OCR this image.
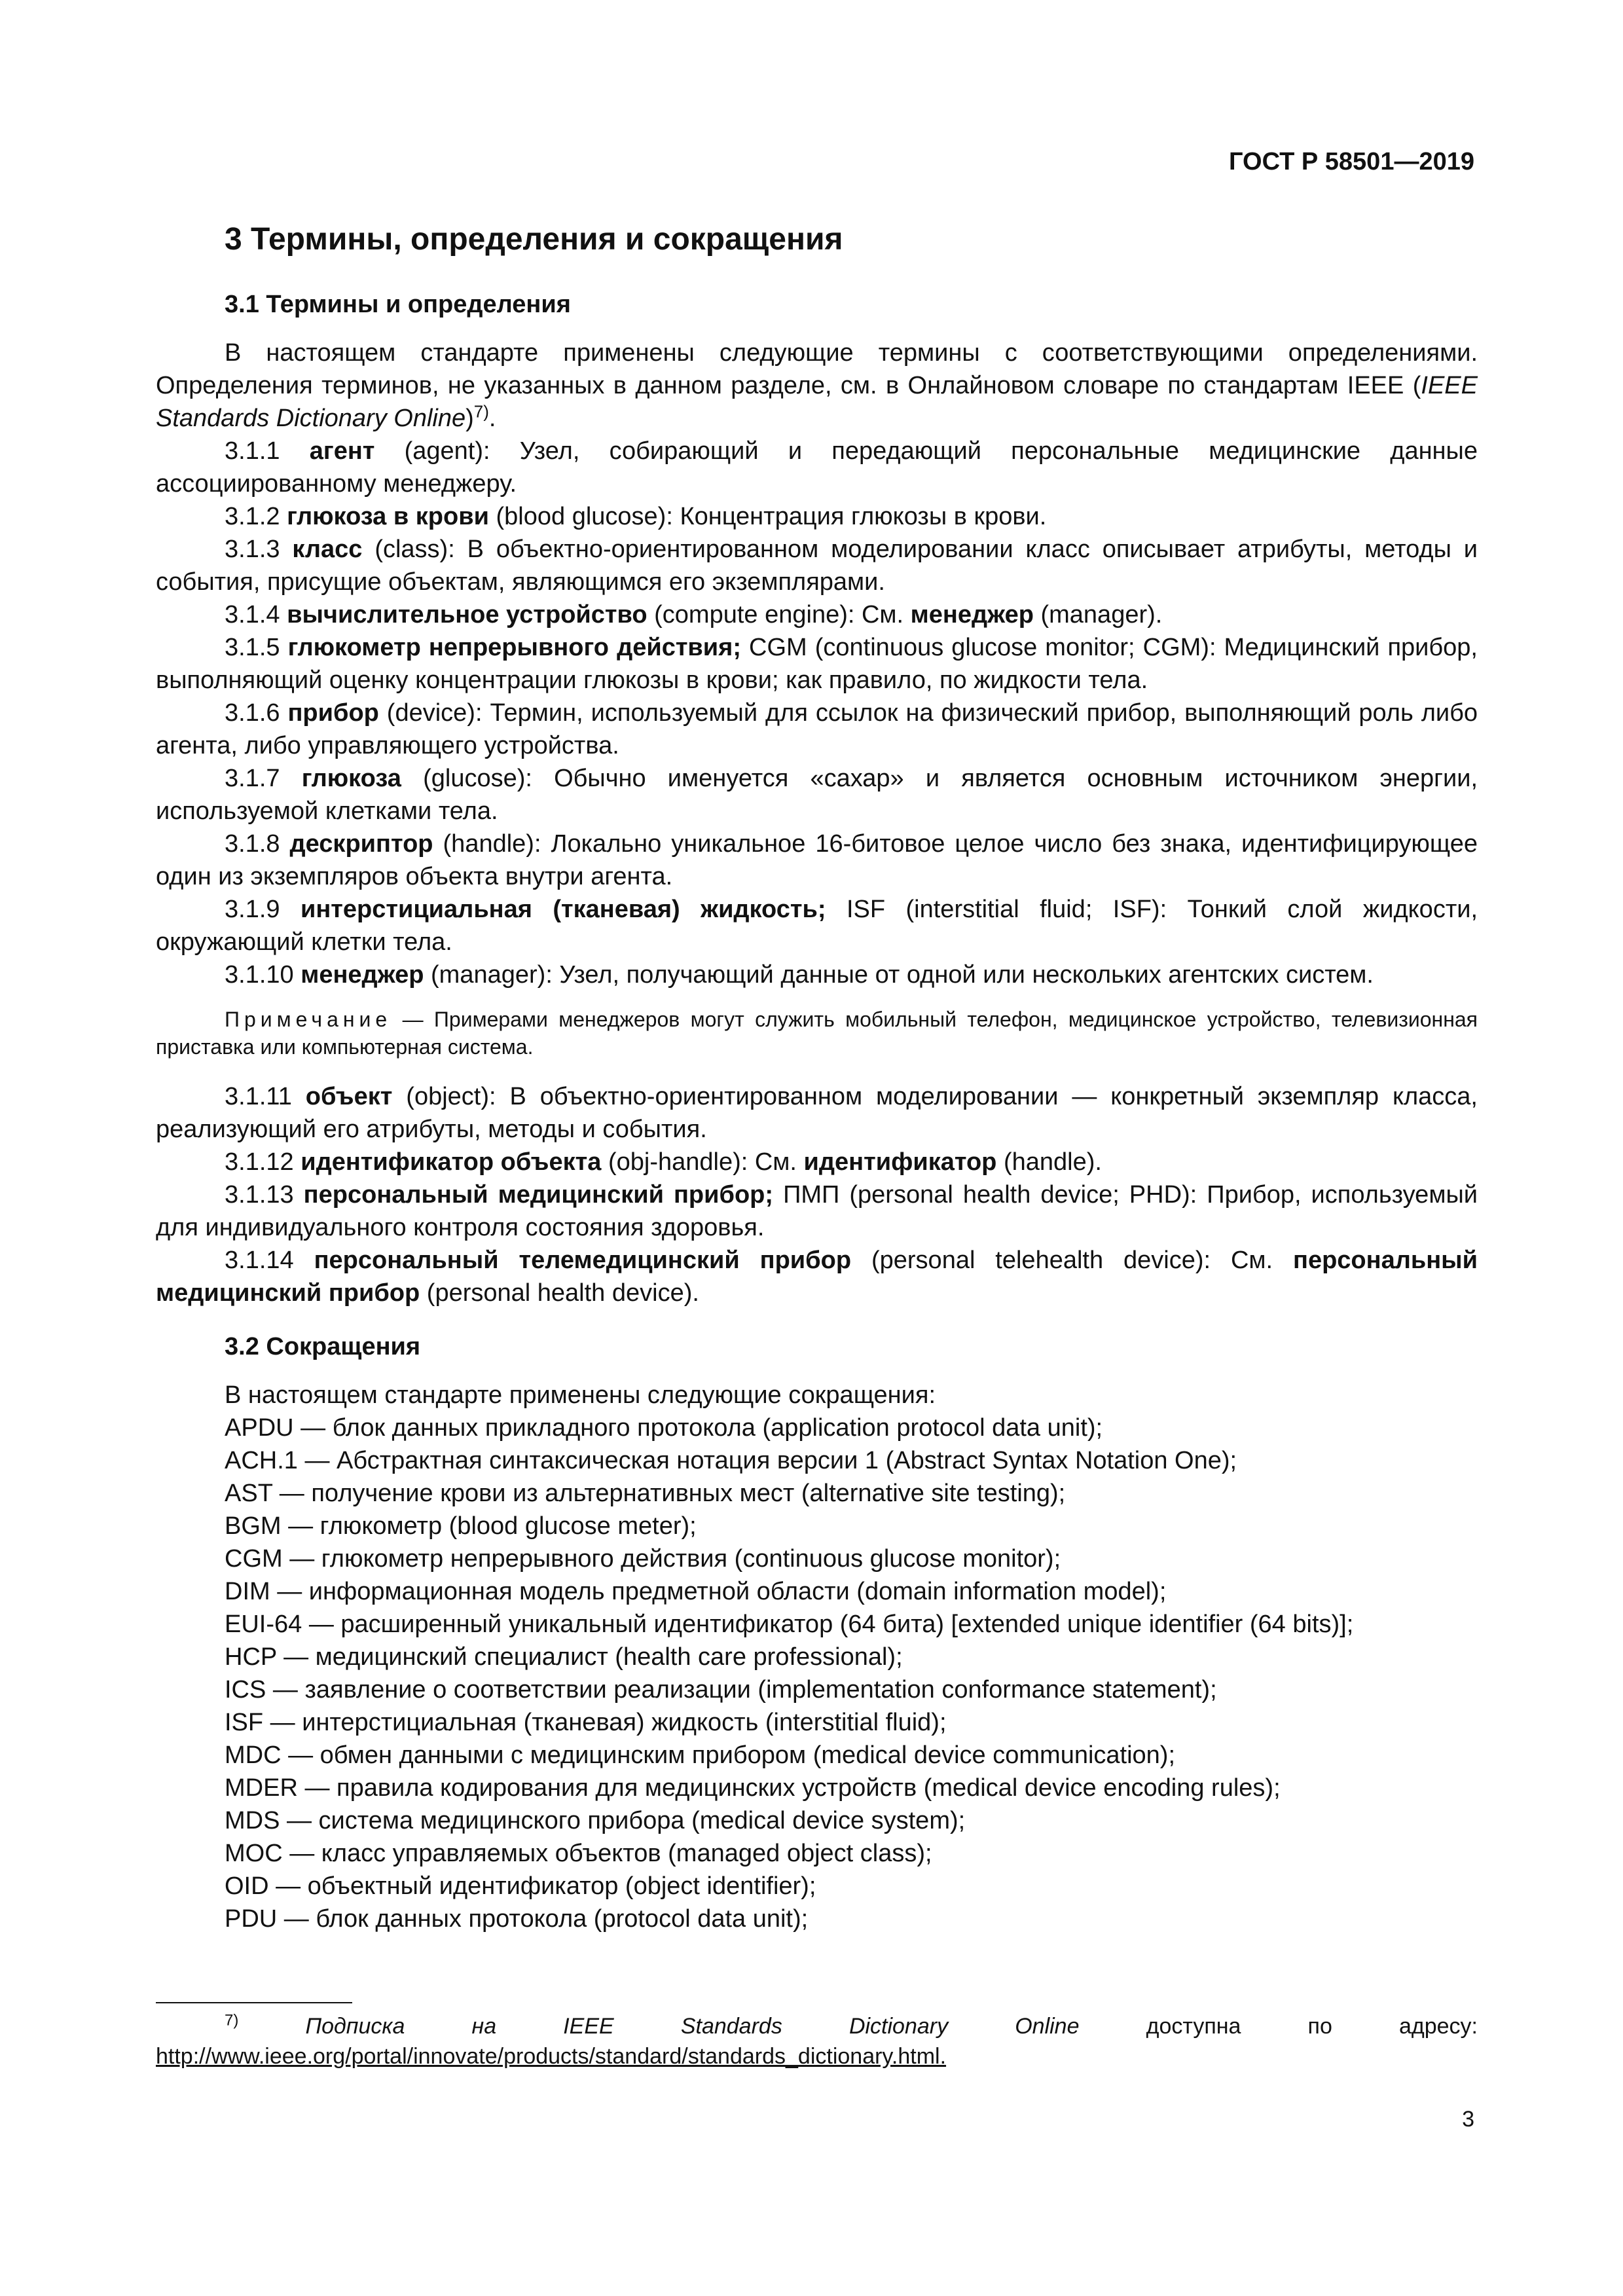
ГОСТ Р 58501—2019
3 Термины, определения и сокращения
3.1 Термины и определения

В настоящем стандарте применены следующие термины с соответствующими определениями. Определения терминов, не указанных в данном разделе, см. в Онлайновом словаре по стандартам IEEE (IEEE Standards Dictionary Online)$^{7)}$.

3.1.1 агент (agent): Узел, собирающий и передающий персональные медицинские данные ассоциированному менеджеру.

3.1.2 глюкоза в крови (blood glucose): Концентрация глюкозы в крови.

3.1.3 класс (class): В объектно-ориентированном моделировании класс описывает атрибуты, методы и события, присущие объектам, являющимся его экземплярами.

3.1.4 вычислительное устройство (compute engine): См. менеджер (manager).

3.1.5 глюкометр непрерывного действия; CGM (continuous glucose monitor; CGM): Медицинский прибор, выполняющий оценку концентрации глюкозы в крови; как правило, по жидкости тела.

3.1.6 прибор (device): Термин, используемый для ссылок на физический прибор, выполняющий роль либо агента, либо управляющего устройства.

3.1.7 глюкоза (glucose): Обычно именуется «сахар» и является основным источником энергии, используемой клетками тела.

3.1.8 дескриптор (handle): Локально уникальное 16-битовое целое число без знака, идентифицирующее один из экземпляров объекта внутри агента.

3.1.9 интерстициальная (тканевая) жидкость; ISF (interstitial fluid; ISF): Тонкий слой жидкости, окружающий клетки тела.

3.1.10 менеджер (manager): Узел, получающий данные от одной или нескольких агентских систем.

Примечание — Примерами менеджеров могут служить мобильный телефон, медицинское устройство, телевизионная приставка или компьютерная система.

3.1.11 объект (object): В объектно-ориентированном моделировании — конкретный экземпляр класса, реализующий его атрибуты, методы и события.

3.1.12 идентификатор объекта (obj-handle): См. идентификатор (handle).

3.1.13 персональный медицинский прибор; ПМП (personal health device; PHD): Прибор, используемый для индивидуального контроля состояния здоровья.

3.1.14 персональный телемедицинский прибор (personal telehealth device): См. персональный медицинский прибор (personal health device).

3.2 Сокращения
В настоящем стандарте применены следующие сокращения:
APDU — блок данных прикладного протокола (application protocol data unit);
ACH.1 — Абстрактная синтаксическая нотация версии 1 (Abstract Syntax Notation One);
AST — получение крови из альтернативных мест (alternative site testing);
BGM — глюкометр (blood glucose meter);
CGM — глюкометр непрерывного действия (continuous glucose monitor);
DIM — информационная модель предметной области (domain information model);
EUI-64 — расширенный уникальный идентификатор (64 бита) [extended unique identifier (64 bits)];
HCP — медицинский специалист (health care professional);
ICS — заявление о соответствии реализации (implementation conformance statement);
ISF — интерстициальная (тканевая) жидкость (interstitial fluid);
MDC — обмен данными с медицинским прибором (medical device communication);
MDER — правила кодирования для медицинских устройств (medical device encoding rules);
MDS — система медицинского прибора (medical device system);
MOC — класс управляемых объектов (managed object class);
OID — объектный идентификатор (object identifier);
PDU — блок данных протокола (protocol data unit);
$^{7)}$ Подписка на IEEE Standards Dictionary Online доступна по адресу: http://www.ieee.org/portal/innovate/products/standard/standards_dictionary.html.
3
